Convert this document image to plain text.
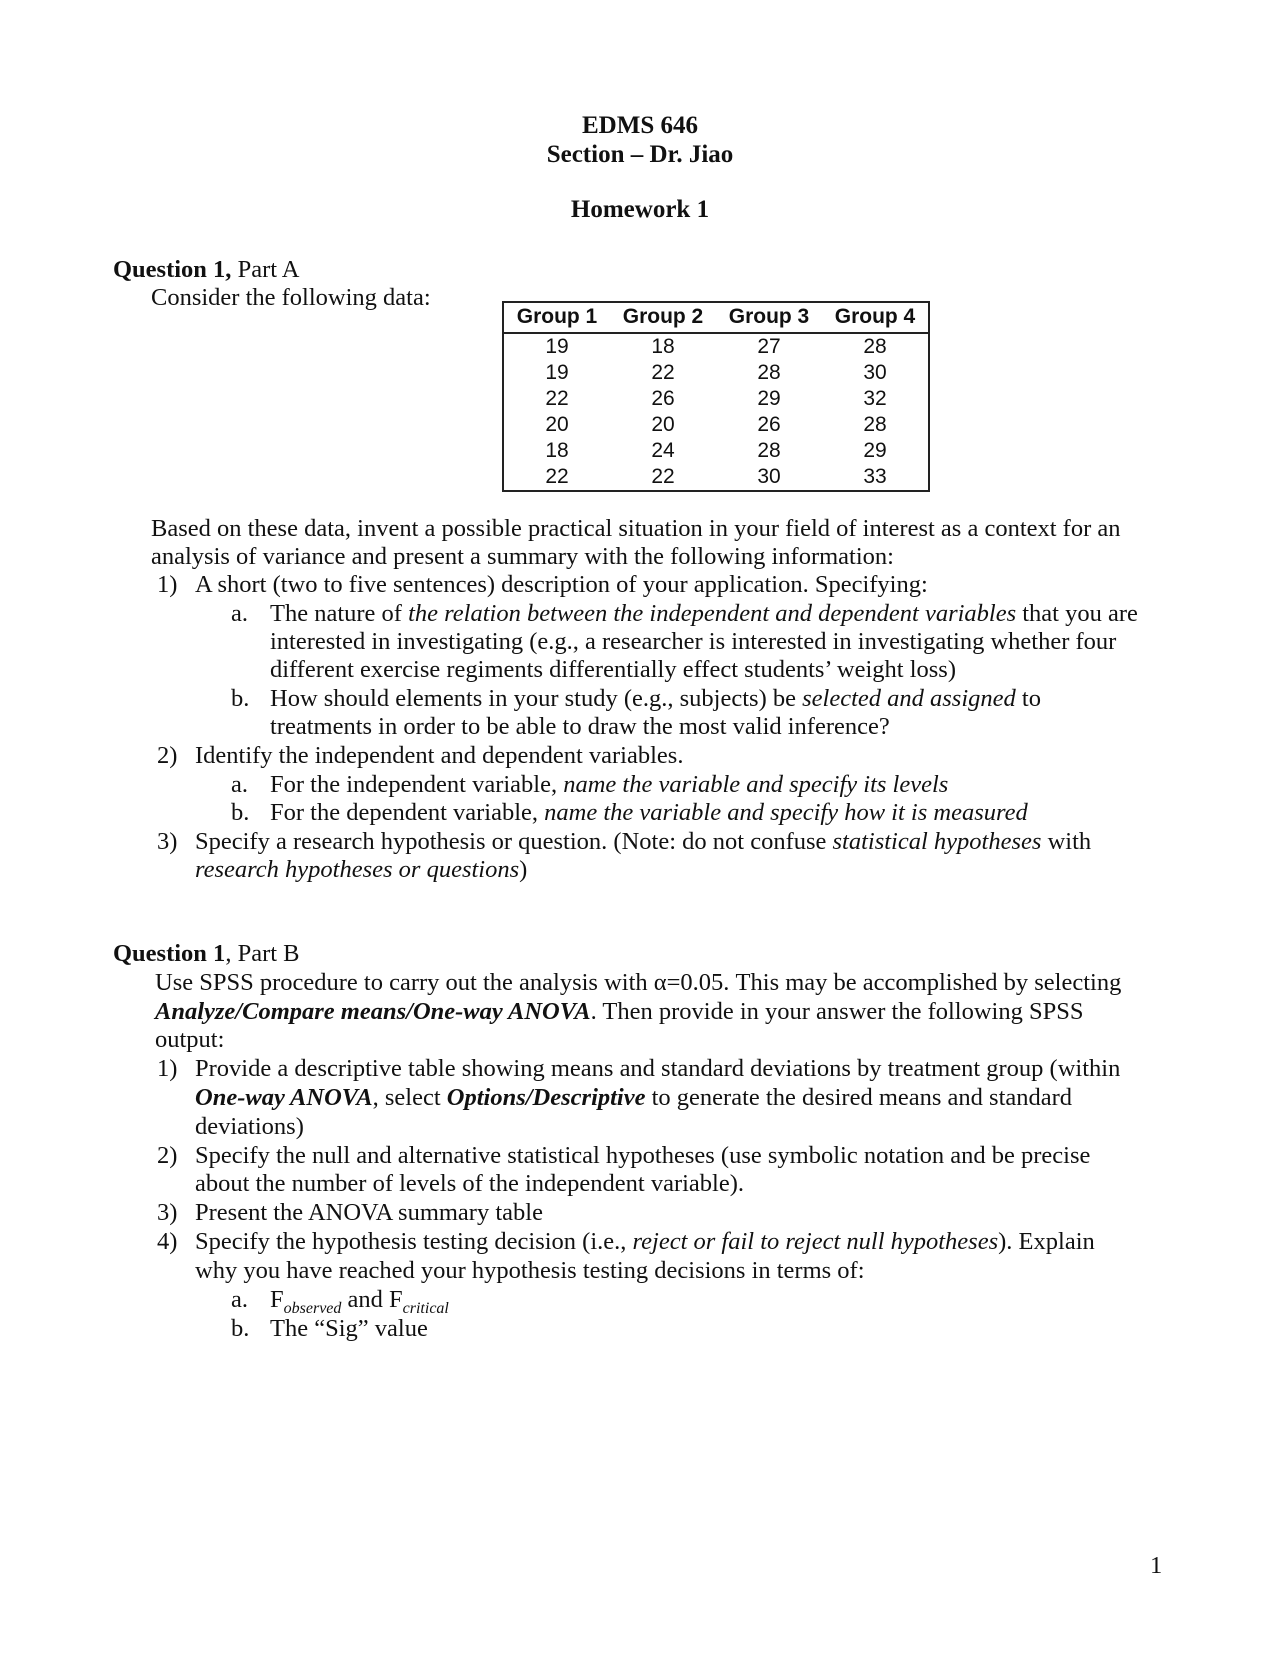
EDMS 646
Section – Dr. Jiao
Homework 1
Question 1, Part A
Consider the following data:
Group 1	Group 2	Group 3	Group 4
19	18	27	28
19	22	28	30
22	26	29	32
20	20	26	28
18	24	28	29
22	22	30	33
Based on these data, invent a possible practical situation in your field of interest as a context for an
analysis of variance and present a summary with the following information:
1) A short (two to five sentences) description of your application. Specifying:
a. The nature of the relation between the independent and dependent variables that you are
interested in investigating (e.g., a researcher is interested in investigating whether four
different exercise regiments differentially effect students’ weight loss)
b. How should elements in your study (e.g., subjects) be selected and assigned to
treatments in order to be able to draw the most valid inference?
2) Identify the independent and dependent variables.
a. For the independent variable, name the variable and specify its levels
b. For the dependent variable, name the variable and specify how it is measured
3) Specify a research hypothesis or question. (Note: do not confuse statistical hypotheses with
research hypotheses or questions)
Question 1, Part B
Use SPSS procedure to carry out the analysis with α=0.05. This may be accomplished by selecting
Analyze/Compare means/One-way ANOVA. Then provide in your answer the following SPSS
output:
1) Provide a descriptive table showing means and standard deviations by treatment group (within
One-way ANOVA, select Options/Descriptive to generate the desired means and standard
deviations)
2) Specify the null and alternative statistical hypotheses (use symbolic notation and be precise
about the number of levels of the independent variable).
3) Present the ANOVA summary table
4) Specify the hypothesis testing decision (i.e., reject or fail to reject null hypotheses). Explain
why you have reached your hypothesis testing decisions in terms of:
a. $F_{observed}$ and $F_{critical}$
b. The “Sig” value
1
